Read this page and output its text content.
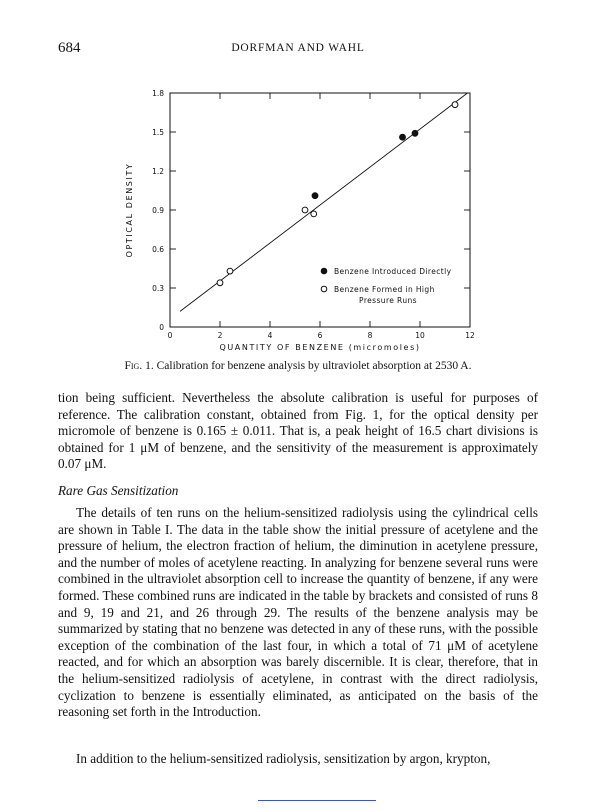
684	DORFMAN AND WAHL
0	2	4	6	8	10	12
0
0.3
0.6
0.9
1.2
1.5
1.8
QUANTITY OF BENZENE (micromoles)
OPTICAL DENSITY
Benzene Introduced Directly
Benzene Formed in High
Pressure Runs
Fig. 1. Calibration for benzene analysis by ultraviolet absorption at 2530 A.

tion being sufficient. Nevertheless the absolute calibration is useful for purposes of reference. The calibration constant, obtained from Fig. 1, for the optical density per micromole of benzene is 0.165 ± 0.011. That is, a peak height of 16.5 chart divisions is obtained for 1 μM of benzene, and the sensitivity of the measurement is approximately 0.07 μM.

Rare Gas Sensitization

The details of ten runs on the helium-sensitized radiolysis using the cylindrical cells are shown in Table I. The data in the table show the initial pressure of acetylene and the pressure of helium, the electron fraction of helium, the diminution in acetylene pressure, and the number of moles of acetylene reacting. In analyzing for benzene several runs were combined in the ultraviolet absorption cell to increase the quantity of benzene, if any were formed. These combined runs are indicated in the table by brackets and consisted of runs 8 and 9, 19 and 21, and 26 through 29. The results of the benzene analysis may be summarized by stating that no benzene was detected in any of these runs, with the possible exception of the combination of the last four, in which a total of 71 μM of acetylene reacted, and for which an absorption was barely discernible. It is clear, therefore, that in the helium-sensitized radiolysis of acetylene, in contrast with the direct radiolysis, cyclization to benzene is essentially eliminated, as anticipated on the basis of the reasoning set forth in the Introduction.

In addition to the helium-sensitized radiolysis, sensitization by argon, krypton,
